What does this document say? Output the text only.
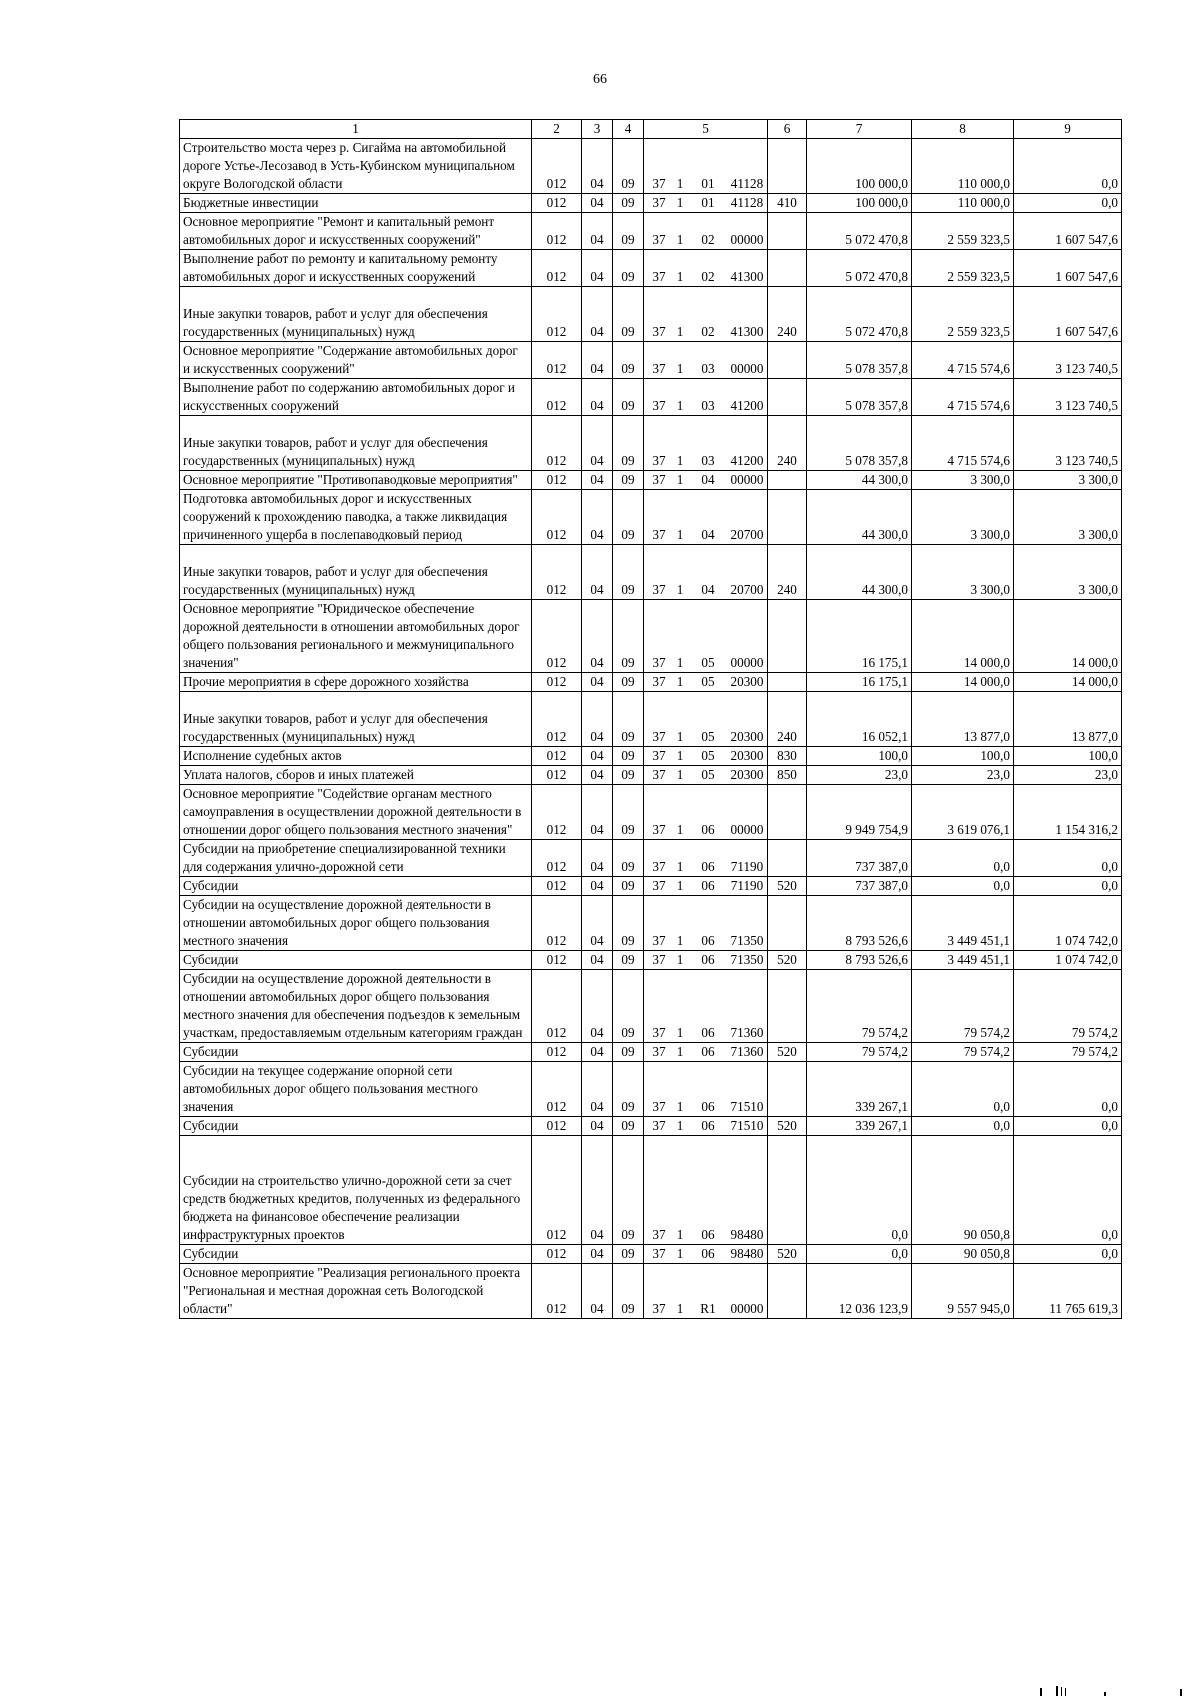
66
1	2	3	4	5	6	7	8	9
Строительство моста через р. Сигайма на автомобильной дороге Устье-Лесозавод в Усть-Кубинском муниципальном округе Вологодской области	012	04	09	37 1 01 41128		100 000,0	110 000,0	0,0
Бюджетные инвестиции	012	04	09	37 1 01 41128	410	100 000,0	110 000,0	0,0
Основное мероприятие "Ремонт и капитальный ремонт автомобильных дорог и искусственных сооружений"	012	04	09	37 1 02 00000		5 072 470,8	2 559 323,5	1 607 547,6
Выполнение работ по ремонту и капитальному ремонту автомобильных дорог и искусственных сооружений	012	04	09	37 1 02 41300		5 072 470,8	2 559 323,5	1 607 547,6
Иные закупки товаров, работ и услуг для обеспечения государственных (муниципальных) нужд	012	04	09	37 1 02 41300	240	5 072 470,8	2 559 323,5	1 607 547,6
Основное мероприятие "Содержание автомобильных дорог и искусственных сооружений"	012	04	09	37 1 03 00000		5 078 357,8	4 715 574,6	3 123 740,5
Выполнение работ по содержанию автомобильных дорог и искусственных сооружений	012	04	09	37 1 03 41200		5 078 357,8	4 715 574,6	3 123 740,5
Иные закупки товаров, работ и услуг для обеспечения государственных (муниципальных) нужд	012	04	09	37 1 03 41200	240	5 078 357,8	4 715 574,6	3 123 740,5
Основное мероприятие "Противопаводковые мероприятия"	012	04	09	37 1 04 00000		44 300,0	3 300,0	3 300,0
Подготовка автомобильных дорог и искусственных сооружений к прохождению паводка, а также ликвидация причиненного ущерба в послепаводковый период	012	04	09	37 1 04 20700		44 300,0	3 300,0	3 300,0
Иные закупки товаров, работ и услуг для обеспечения государственных (муниципальных) нужд	012	04	09	37 1 04 20700	240	44 300,0	3 300,0	3 300,0
Основное мероприятие "Юридическое обеспечение дорожной деятельности в отношении автомобильных дорог общего пользования регионального и межмуниципального значения"	012	04	09	37 1 05 00000		16 175,1	14 000,0	14 000,0
Прочие мероприятия в сфере дорожного хозяйства	012	04	09	37 1 05 20300		16 175,1	14 000,0	14 000,0
Иные закупки товаров, работ и услуг для обеспечения государственных (муниципальных) нужд	012	04	09	37 1 05 20300	240	16 052,1	13 877,0	13 877,0
Исполнение судебных актов	012	04	09	37 1 05 20300	830	100,0	100,0	100,0
Уплата налогов, сборов и иных платежей	012	04	09	37 1 05 20300	850	23,0	23,0	23,0
Основное мероприятие "Содействие органам местного самоуправления в осуществлении дорожной деятельности в отношении дорог общего пользования местного значения"	012	04	09	37 1 06 00000		9 949 754,9	3 619 076,1	1 154 316,2
Субсидии на приобретение специализированной техники для содержания улично-дорожной сети	012	04	09	37 1 06 71190		737 387,0	0,0	0,0
Субсидии	012	04	09	37 1 06 71190	520	737 387,0	0,0	0,0
Субсидии на осуществление дорожной деятельности в отношении автомобильных дорог общего пользования местного значения	012	04	09	37 1 06 71350		8 793 526,6	3 449 451,1	1 074 742,0
Субсидии	012	04	09	37 1 06 71350	520	8 793 526,6	3 449 451,1	1 074 742,0
Субсидии на осуществление дорожной деятельности в отношении автомобильных дорог общего пользования местного значения для обеспечения подъездов к земельным участкам, предоставляемым отдельным категориям граждан	012	04	09	37 1 06 71360		79 574,2	79 574,2	79 574,2
Субсидии	012	04	09	37 1 06 71360	520	79 574,2	79 574,2	79 574,2
Субсидии на текущее содержание опорной сети автомобильных дорог общего пользования местного значения	012	04	09	37 1 06 71510		339 267,1	0,0	0,0
Субсидии	012	04	09	37 1 06 71510	520	339 267,1	0,0	0,0
Субсидии на строительство улично-дорожной сети за счет средств бюджетных кредитов, полученных из федерального бюджета на финансовое обеспечение реализации инфраструктурных проектов	012	04	09	37 1 06 98480		0,0	90 050,8	0,0
Субсидии	012	04	09	37 1 06 98480	520	0,0	90 050,8	0,0
Основное мероприятие "Реализация регионального проекта "Региональная и местная дорожная сеть Вологодской области"	012	04	09	37 1 R1 00000		12 036 123,9	9 557 945,0	11 765 619,3
